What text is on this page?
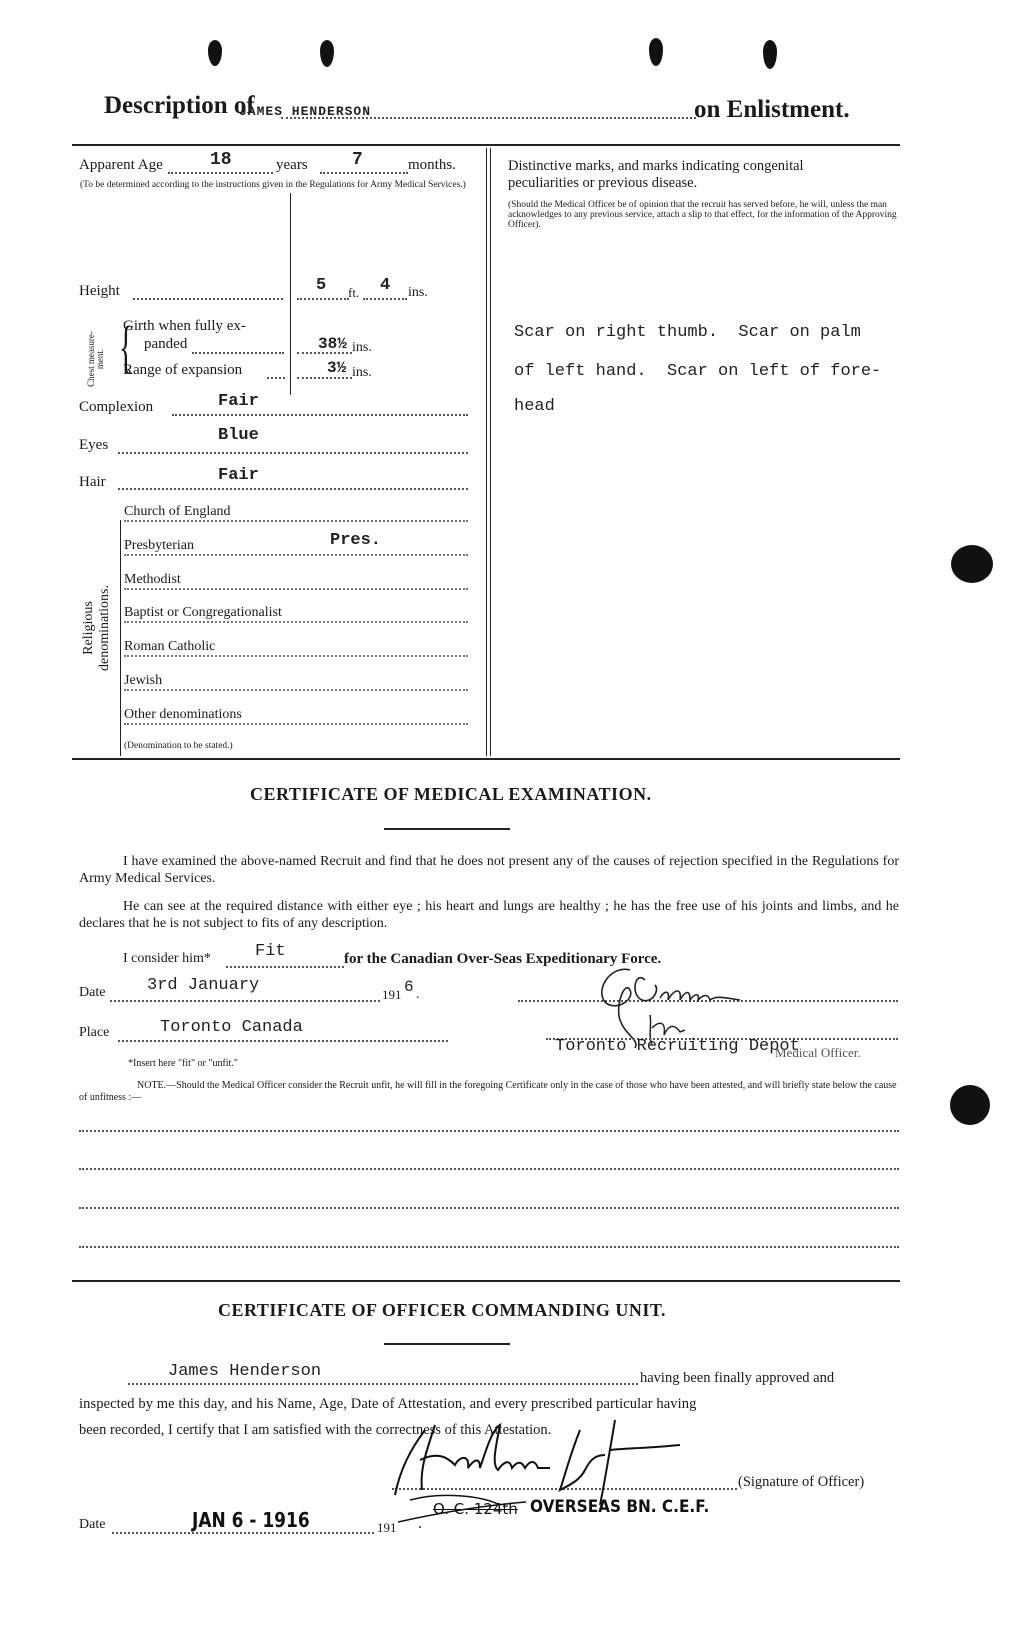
Description of
JAMES HENDERSON	on Enlistment.
Apparent Age	18	years 7	months.
(To be determined according to the instructions given in the Regulations for Army Medical Services.)
Height	5 ft. 4 ins.
Chest measure-ment. {
Girth when fully ex-
panded	38½ ins.
Range of expansion	3½ ins.
Complexion	Fair
Eyes	Blue
Hair	Fair
Religious denominations.
Church of England
Presbyterian	Pres.
Methodist
Baptist or Congregationalist
Roman Catholic
Jewish
Other denominations
(Denomination to be stated.)
Distinctive marks, and marks indicating congenital
peculiarities or previous disease.
(Should the Medical Officer be of opinion that the recruit has served before, he will, unless the man acknowledges to any previous service, attach a slip to that effect, for the information of the Approving Officer).
Scar on right thumb.  Scar on palm
of left hand.  Scar on left of fore-
head
CERTIFICATE OF MEDICAL EXAMINATION.
I have examined the above-named Recruit and find that he does not present any of the causes of rejection specified in the Regulations for Army Medical Services.
He can see at the required distance with either eye ; his heart and lungs are healthy ; he has the free use of his joints and limbs, and he declares that he is not subject to fits of any description.
I consider him*	Fit	for the Canadian Over-Seas Expeditionary Force.
Date 3rd January	191 6 .
Place	Toronto Canada
Toronto Recruiting Depot
Medical Officer.
*Insert here "fit" or "unfit."
NOTE.—Should the Medical Officer consider the Recruit unfit, he will fill in the foregoing Certificate only in the case of those who have been attested, and will briefly state below the cause of unfitness :—
CERTIFICATE OF OFFICER COMMANDING UNIT.
James Henderson	having been finally approved and
inspected by me this day, and his Name, Age, Date of Attestation, and every prescribed particular having
been recorded, I certify that I am satisfied with the correctness of this Attestation.
(Signature of Officer)
Date	JAN 6 - 1916	191 .
O. C. 124th OVERSEAS BN. C.E.F.
